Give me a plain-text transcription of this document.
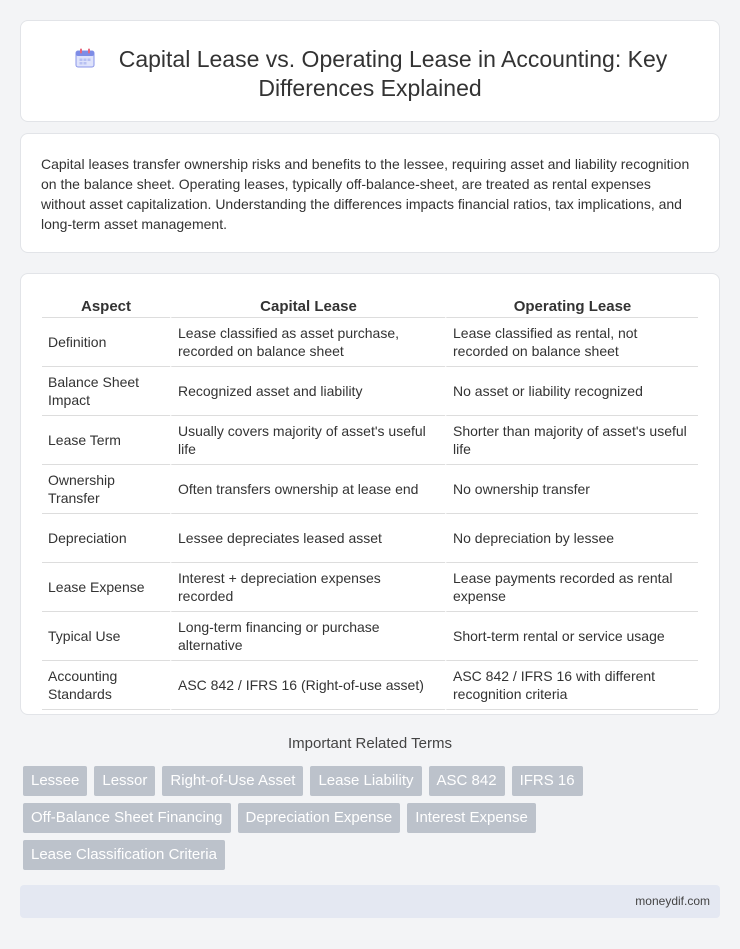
Capital Lease vs. Operating Lease in Accounting: Key Differences Explained

Capital leases transfer ownership risks and benefits to the lessee, requiring asset and liability recognition on the balance sheet. Operating leases, typically off-balance-sheet, are treated as rental expenses without asset capitalization. Understanding the differences impacts financial ratios, tax implications, and long-term asset management.

Aspect	Capital Lease	Operating Lease
Definition	Lease classified as asset purchase, recorded on balance sheet	Lease classified as rental, not recorded on balance sheet
Balance Sheet Impact	Recognized asset and liability	No asset or liability recognized
Lease Term	Usually covers majority of asset's useful life	Shorter than majority of asset's useful life
Ownership Transfer	Often transfers ownership at lease end	No ownership transfer
Depreciation	Lessee depreciates leased asset	No depreciation by lessee
Lease Expense	Interest + depreciation expenses recorded	Lease payments recorded as rental expense
Typical Use	Long-term financing or purchase alternative	Short-term rental or service usage
Accounting Standards	ASC 842 / IFRS 16 (Right-of-use asset)	ASC 842 / IFRS 16 with different recognition criteria
Important Related Terms
Lessee	Lessor	Right-of-Use Asset	Lease Liability	ASC 842	IFRS 16
Off-Balance Sheet Financing	Depreciation Expense	Interest Expense
Lease Classification Criteria
moneydif.com
